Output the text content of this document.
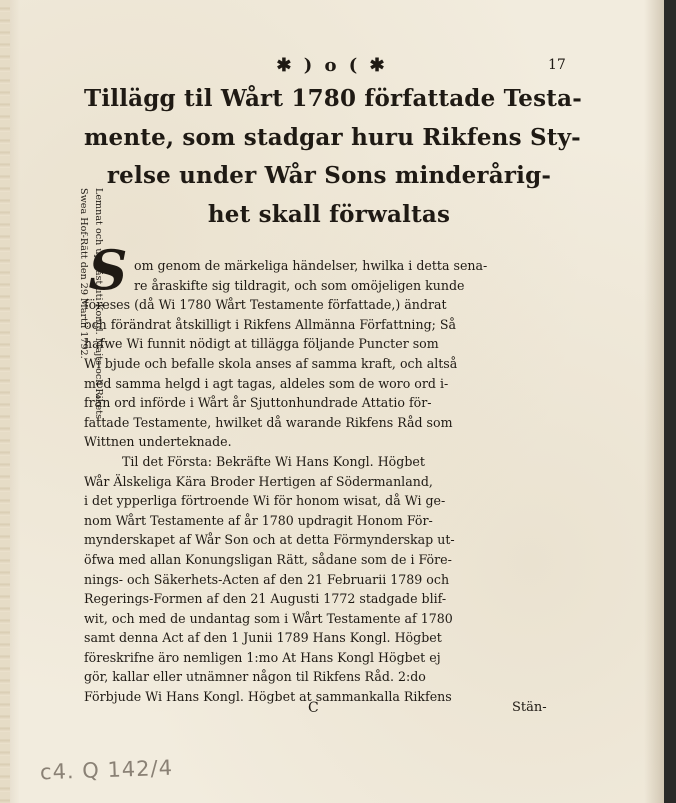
✱ ) o ( ✱	17
Tillägg til Wårt 1780 författade Testa-
mente, som stadgar huru Rikfens Sty-
relse under Wår Sons minderårig-
het skall förwaltas
Lemnat och uppläst uti Kongl. Majts och Rikets
Swea Hof-Rätt den 29 Martii 1792. S om genom de märkeliga händelser, hwilka i detta sena-
re åraskifte sig tildragit, och som omöjeligen kunde
föreses (då Wi 1780 Wårt Testamente författade,) ändrat
och förändrat åtskilligt i Rikfens Allmänna Författning; Så
hafwe Wi funnit nödigt at tillägga följande Puncter som
Wi bjude och befalle skola anses af samma kraft, och altså
med samma helgd i agt tagas, aldeles som de woro ord i-
från ord införde i Wårt år Sjuttonhundrade Attatio för-
fattade Testamente, hwilket då warande Rikfens Råd som
Wittnen underteknade.
Til det Första: Bekräfte Wi Hans Kongl. Högbet
Wår Älskeliga Kära Broder Hertigen af Södermanland,
i det ypperliga förtroende Wi för honom wisat, då Wi ge-
nom Wårt Testamente af år 1780 updragit Honom För-
mynderskapet af Wår Son och at detta Förmynderskap ut-
öfwa med allan Konungsligan Rätt, sådane som de i Före-
nings- och Säkerhets-Acten af den 21 Februarii 1789 och
Regerings-Formen af den 21 Augusti 1772 stadgade blif-
wit, och med de undantag som i Wårt Testamente af 1780
samt denna Act af den 1 Junii 1789 Hans Kongl. Högbet
föreskrifne äro nemligen 1:mo At Hans Kongl Högbet ej
gör, kallar eller utnämner någon til Rikfens Råd. 2:do
Förbjude Wi Hans Kongl. Högbet at sammankalla Rikfens
C	Stän-
c4. Q 142/4
